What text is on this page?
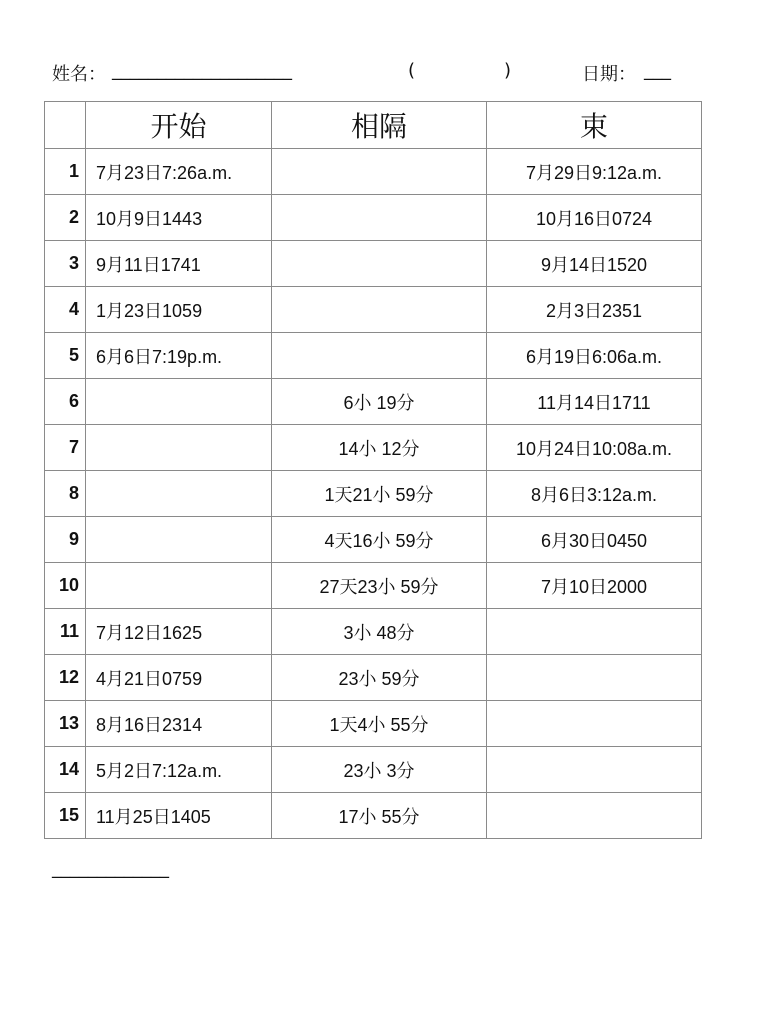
姓名： ____________________	(	)	日期： ___
	开始	相隔	束
1	7月23日7:26a.m.		7月29日9:12a.m.
2	10月9日1443		10月16日0724
3	9月11日1741		9月14日1520
4	1月23日1059		2月3日2351
5	6月6日7:19p.m.		6月19日6:06a.m.
6		6小 19分	11月14日1711
7		14小 12分	10月24日10:08a.m.
8		1天21小 59分	8月6日3:12a.m.
9		4天16小 59分	6月30日0450
10		27天23小 59分	7月10日2000
11	7月12日1625	3小 48分	
12	4月21日0759	23小 59分	
13	8月16日2314	1天4小 55分	
14	5月2日7:12a.m.	23小 3分	
15	11月25日1405	17小 55分	
_____________
